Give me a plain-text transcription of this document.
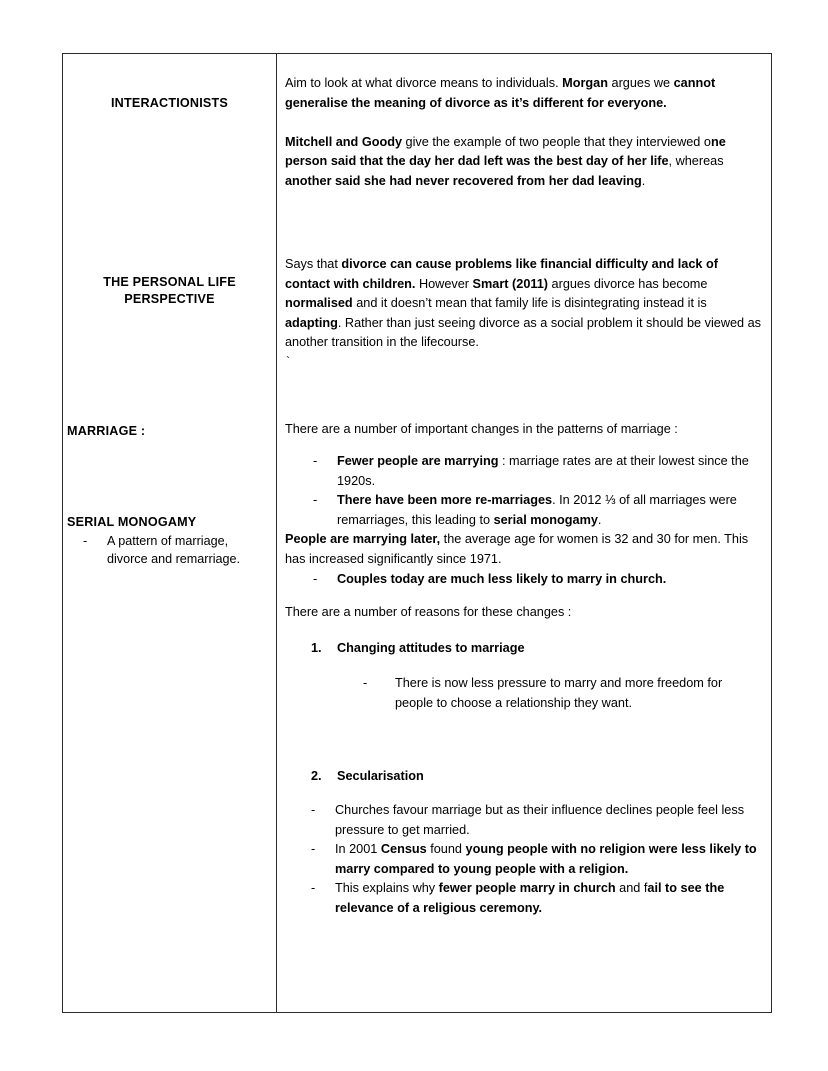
INTERACTIONISTS
THE PERSONAL LIFE PERSPECTIVE
MARRIAGE :
SERIAL MONOGAMY
- A pattern of marriage, divorce and remarriage.

Aim to look at what divorce means to individuals. Morgan argues we cannot generalise the meaning of divorce as it’s different for everyone.

Mitchell and Goody give the example of two people that they interviewed one person said that the day her dad left was the best day of her life, whereas another said she had never recovered from her dad leaving.

Says that divorce can cause problems like financial difficulty and lack of contact with children. However Smart (2011) argues divorce has become normalised and it doesn’t mean that family life is disintegrating instead it is adapting. Rather than just seeing divorce as a social problem it should be viewed as another transition in the lifecourse.

`

There are a number of important changes in the patterns of marriage :

- Fewer people are marrying : marriage rates are at their lowest since the 1920s.
- There have been more re-marriages. In 2012 ⅓ of all marriages were remarriages, this leading to serial monogamy.
People are marrying later, the average age for women is 32 and 30 for men. This has increased significantly since 1971.
- Couples today are much less likely to marry in church.

There are a number of reasons for these changes :

1. Changing attitudes to marriage
- There is now less pressure to marry and more freedom for people to choose a relationship they want.
2. Secularisation
- Churches favour marriage but as their influence declines people feel less pressure to get married.
- In 2001 Census found young people with no religion were less likely to marry compared to young people with a religion.
- This explains why fewer people marry in church and fail to see the relevance of a religious ceremony.
